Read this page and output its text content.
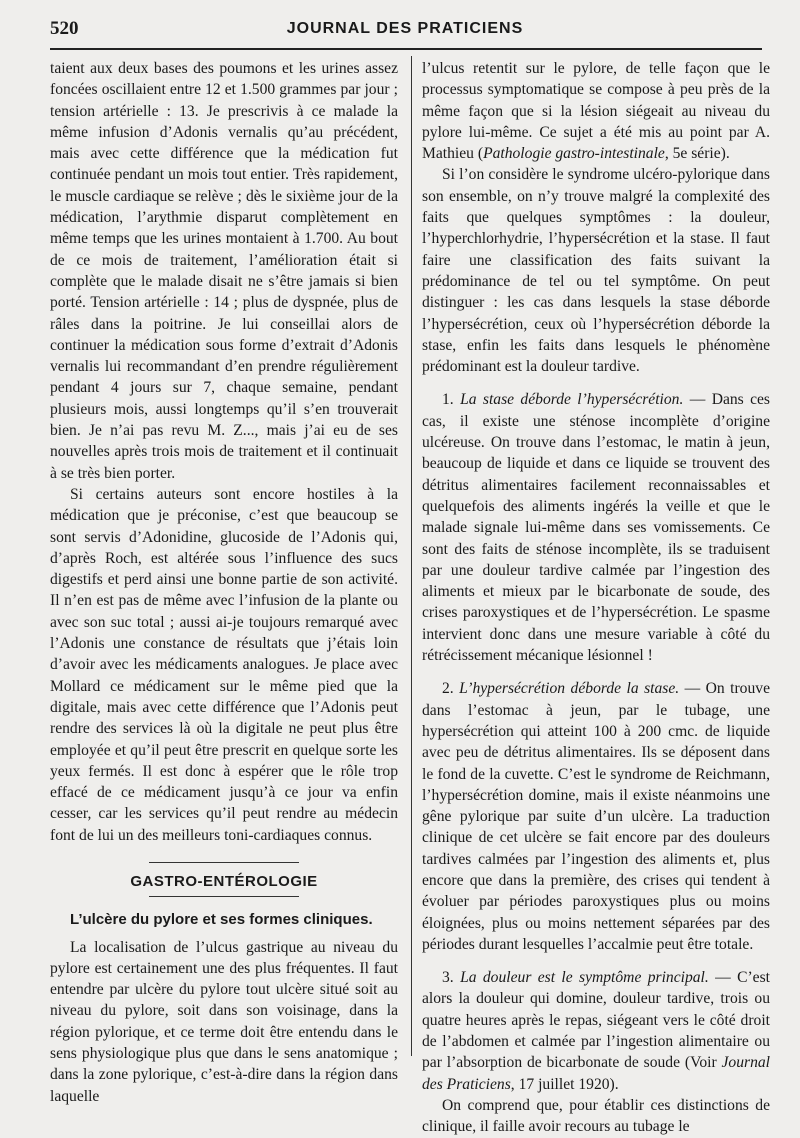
520	JOURNAL DES PRATICIENS

taient aux deux bases des poumons et les urines assez foncées oscillaient entre 12 et 1.500 grammes par jour ; tension artérielle : 13. Je prescrivis à ce malade la même infusion d’Adonis vernalis qu’au précédent, mais avec cette différence que la médication fut continuée pendant un mois tout entier. Très rapidement, le muscle cardiaque se relève ; dès le sixième jour de la médication, l’arythmie disparut complètement en même temps que les urines montaient à 1.700. Au bout de ce mois de traitement, l’amélioration était si complète que le malade disait ne s’être jamais si bien porté. Tension artérielle : 14 ; plus de dyspnée, plus de râles dans la poitrine. Je lui conseillai alors de continuer la médication sous forme d’extrait d’Adonis vernalis lui recommandant d’en prendre régulièrement pendant 4 jours sur 7, chaque semaine, pendant plusieurs mois, aussi longtemps qu’il s’en trouverait bien. Je n’ai pas revu M. Z..., mais j’ai eu de ses nouvelles après trois mois de traitement et il continuait à se très bien porter.

Si certains auteurs sont encore hostiles à la médication que je préconise, c’est que beaucoup se sont servis d’Adonidine, glucoside de l’Adonis qui, d’après Roch, est altérée sous l’influence des sucs digestifs et perd ainsi une bonne partie de son activité. Il n’en est pas de même avec l’infusion de la plante ou avec son suc total ; aussi ai-je toujours remarqué avec l’Adonis une constance de résultats que j’étais loin d’avoir avec les médicaments analogues. Je place avec Mollard ce médicament sur le même pied que la digitale, mais avec cette différence que l’Adonis peut rendre des services là où la digitale ne peut plus être employée et qu’il peut être prescrit en quelque sorte les yeux fermés. Il est donc à espérer que le rôle trop effacé de ce médicament jusqu’à ce jour va enfin cesser, car les services qu’il peut rendre au médecin font de lui un des meilleurs toni-cardiaques connus.

GASTRO-ENTÉROLOGIE
L’ulcère du pylore et ses formes cliniques.

La localisation de l’ulcus gastrique au niveau du pylore est certainement une des plus fréquentes. Il faut entendre par ulcère du pylore tout ulcère situé soit au niveau du pylore, soit dans son voisinage, dans la région pylorique, et ce terme doit être entendu dans le sens physiologique plus que dans le sens anatomique ; dans la zone pylorique, c’est-à-dire dans la région dans laquelle

l’ulcus retentit sur le pylore, de telle façon que le processus symptomatique se compose à peu près de la même façon que si la lésion siégeait au niveau du pylore lui-même. Ce sujet a été mis au point par A. Mathieu (Pathologie gastro-intestinale, 5e série).

Si l’on considère le syndrome ulcéro-pylorique dans son ensemble, on n’y trouve malgré la complexité des faits que quelques symptômes : la douleur, l’hyperchlorhydrie, l’hypersécrétion et la stase. Il faut faire une classification des faits suivant la prédominance de tel ou tel symptôme. On peut distinguer : les cas dans lesquels la stase déborde l’hypersécrétion, ceux où l’hypersécrétion déborde la stase, enfin les faits dans lesquels le phénomène prédominant est la douleur tardive.

1. La stase déborde l’hypersécrétion. — Dans ces cas, il existe une sténose incomplète d’origine ulcéreuse. On trouve dans l’estomac, le matin à jeun, beaucoup de liquide et dans ce liquide se trouvent des détritus alimentaires facilement reconnaissables et quelquefois des aliments ingérés la veille et que le malade signale lui-même dans ses vomissements. Ce sont des faits de sténose incomplète, ils se traduisent par une douleur tardive calmée par l’ingestion des aliments et mieux par le bicarbonate de soude, des crises paroxystiques et de l’hypersécrétion. Le spasme intervient donc dans une mesure variable à côté du rétrécissement mécanique lésionnel !

2. L’hypersécrétion déborde la stase. — On trouve dans l’estomac à jeun, par le tubage, une hypersécrétion qui atteint 100 à 200 cmc. de liquide avec peu de détritus alimentaires. Ils se déposent dans le fond de la cuvette. C’est le syndrome de Reichmann, l’hypersécrétion domine, mais il existe néanmoins une gêne pylorique par suite d’un ulcère. La traduction clinique de cet ulcère se fait encore par des douleurs tardives calmées par l’ingestion des aliments et, plus encore que dans la première, des crises qui tendent à évoluer par périodes paroxystiques plus ou moins éloignées, plus ou moins nettement séparées par des périodes durant lesquelles l’accalmie peut être totale.

3. La douleur est le symptôme principal. — C’est alors la douleur qui domine, douleur tardive, trois ou quatre heures après le repas, siégeant vers le côté droit de l’abdomen et calmée par l’ingestion alimentaire ou par l’absorption de bicarbonate de soude (Voir Journal des Praticiens, 17 juillet 1920).

On comprend que, pour établir ces distinctions de clinique, il faille avoir recours au tubage le
